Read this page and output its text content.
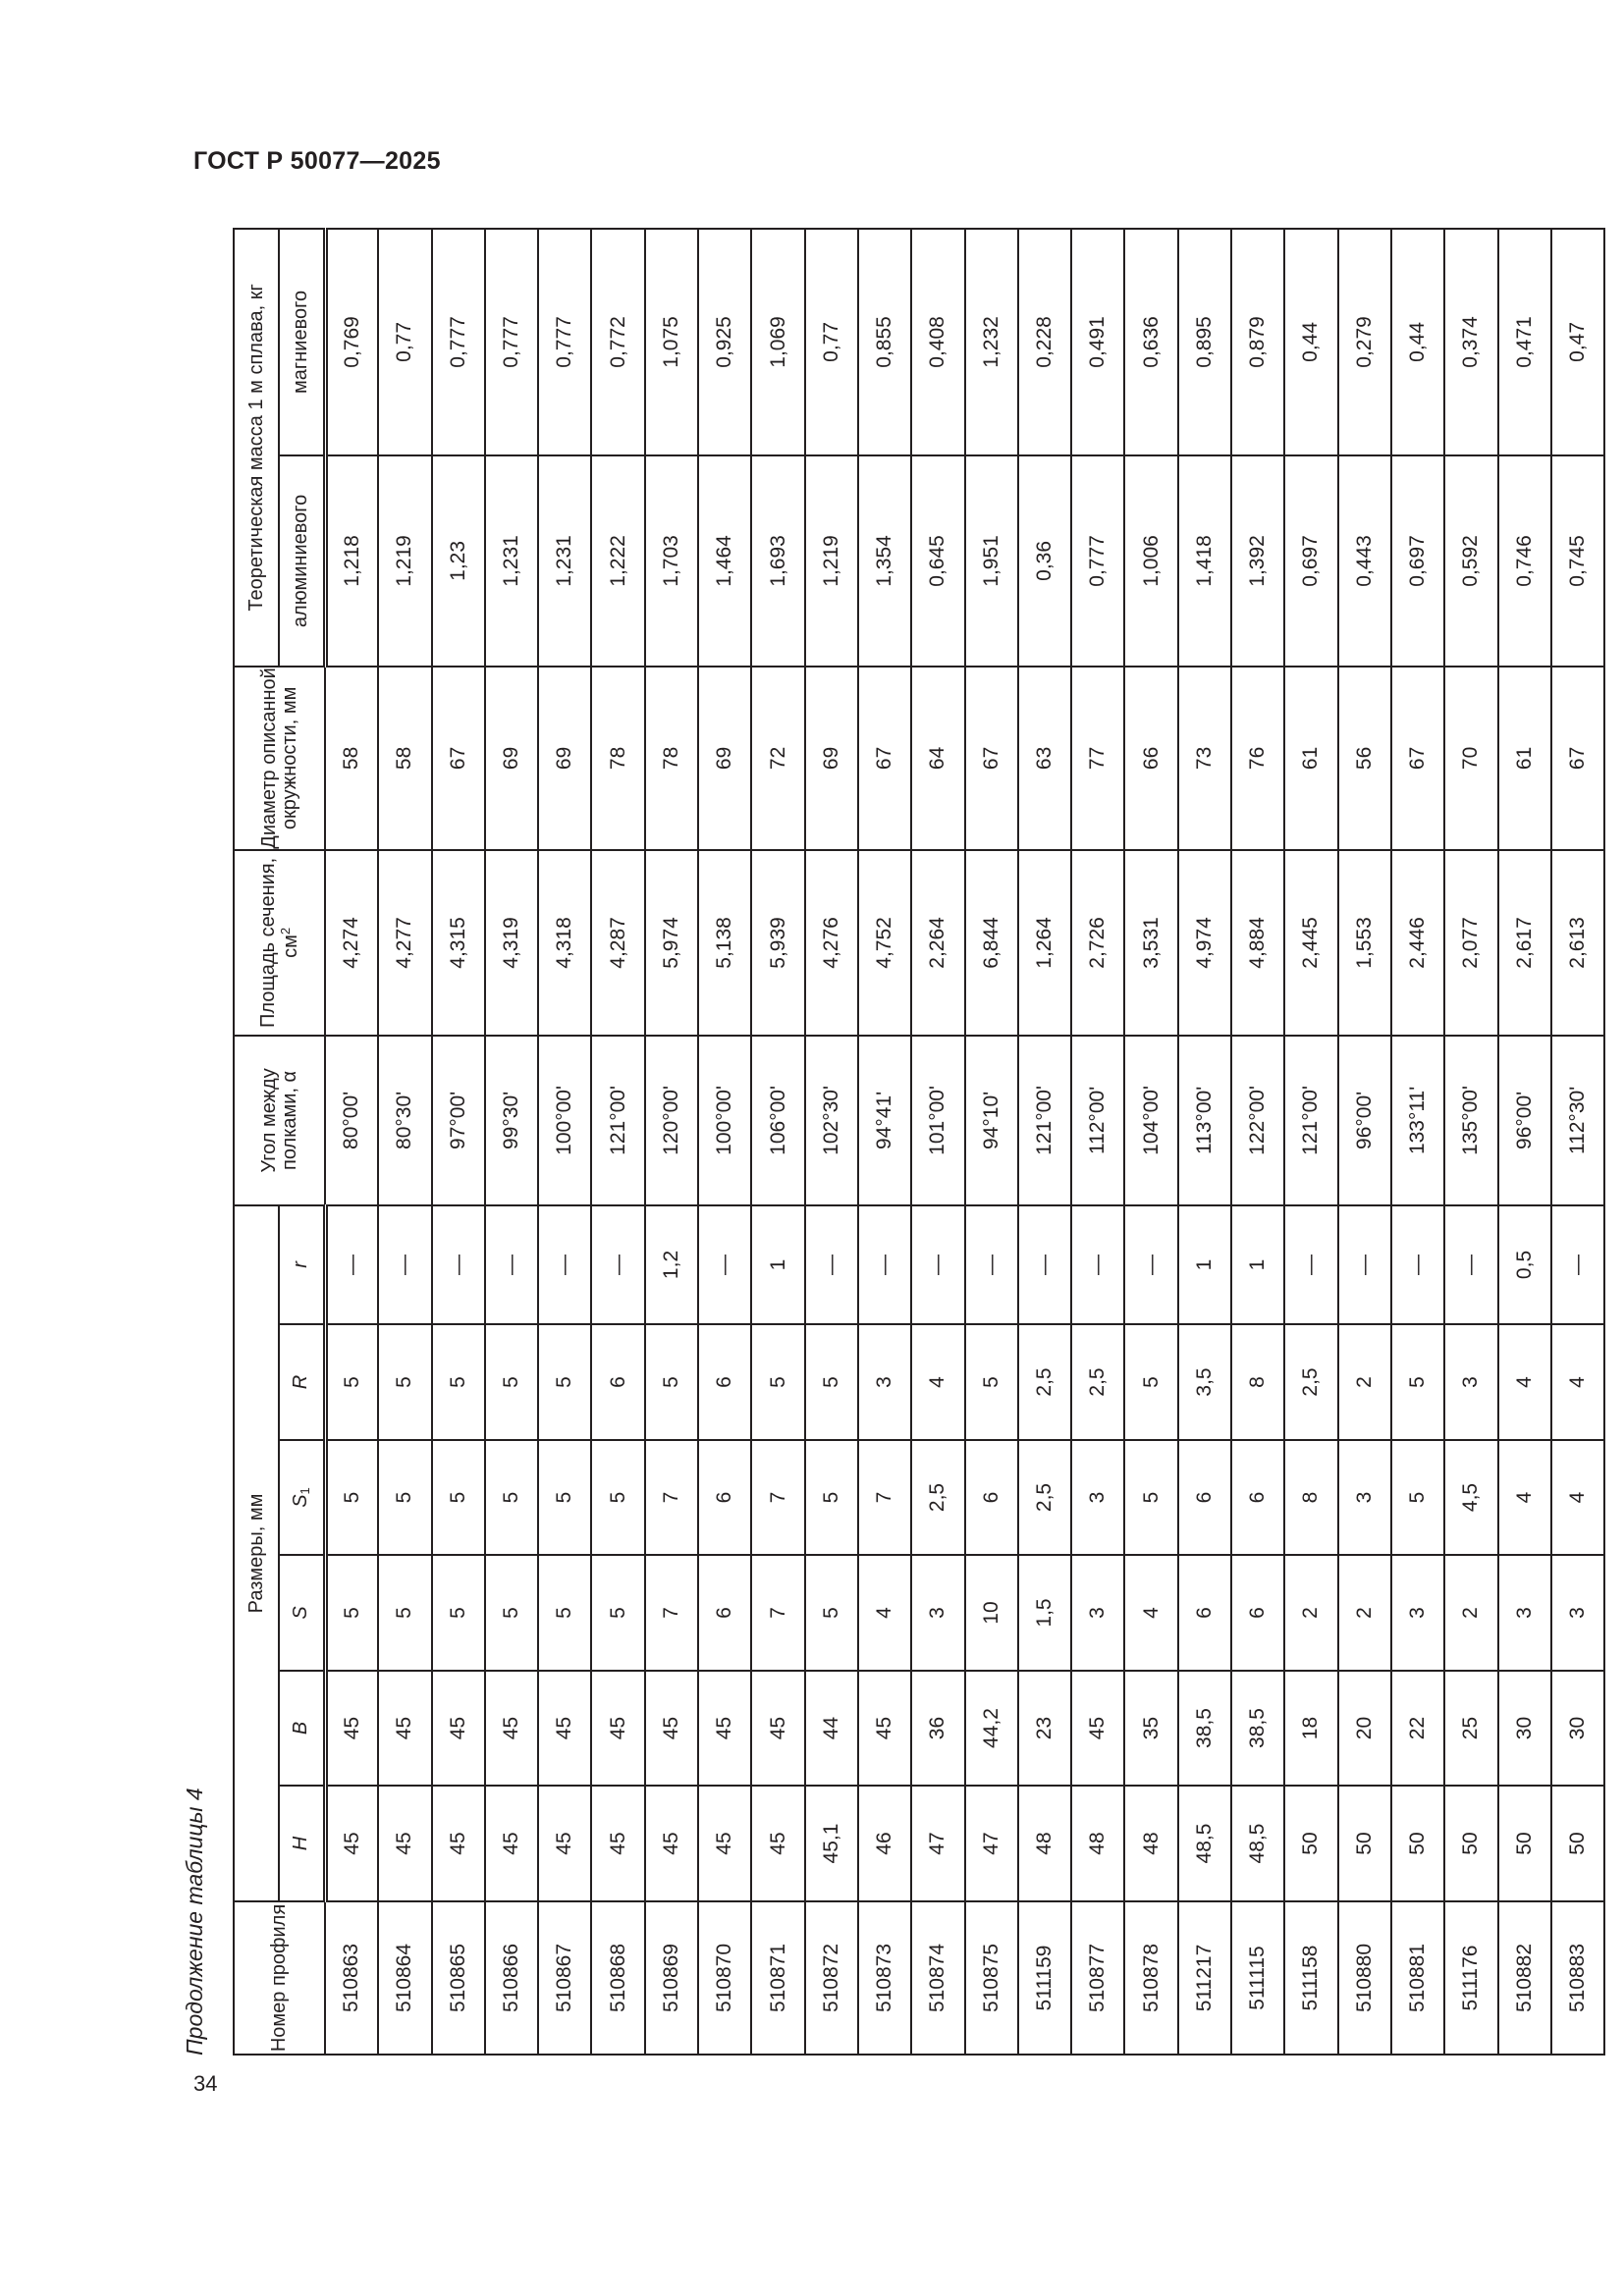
ГОСТ Р 50077—2025
Продолжение таблицы 4	Номер профиля	Размеры, мм						Угол между полками, α	Площадь сечения, $см^2$	Диаметр описанной окружности, мм	Теоретическая масса 1 м сплава, кг	
	H	B	S	$S_1$	R	r				алюминиевого	магниевого
510863	45	45	5	5	5	—	80°00'	4,274	58	1,218	0,769
510864	45	45	5	5	5	—	80°30'	4,277	58	1,219	0,77
510865	45	45	5	5	5	—	97°00'	4,315	67	1,23	0,777
510866	45	45	5	5	5	—	99°30'	4,319	69	1,231	0,777
510867	45	45	5	5	5	—	100°00'	4,318	69	1,231	0,777
510868	45	45	5	5	6	—	121°00'	4,287	78	1,222	0,772
510869	45	45	7	7	5	1,2	120°00'	5,974	78	1,703	1,075
510870	45	45	6	6	6	—	100°00'	5,138	69	1,464	0,925
510871	45	45	7	7	5	1	106°00'	5,939	72	1,693	1,069
510872	45,1	44	5	5	5	—	102°30'	4,276	69	1,219	0,77
510873	46	45	4	7	3	—	94°41'	4,752	67	1,354	0,855
510874	47	36	3	2,5	4	—	101°00'	2,264	64	0,645	0,408
510875	47	44,2	10	6	5	—	94°10'	6,844	67	1,951	1,232
511159	48	23	1,5	2,5	2,5	—	121°00'	1,264	63	0,36	0,228
510877	48	45	3	3	2,5	—	112°00'	2,726	77	0,777	0,491
510878	48	35	4	5	5	—	104°00'	3,531	66	1,006	0,636
511217	48,5	38,5	6	6	3,5	1	113°00'	4,974	73	1,418	0,895
511115	48,5	38,5	6	6	8	1	122°00'	4,884	76	1,392	0,879
511158	50	18	2	8	2,5	—	121°00'	2,445	61	0,697	0,44
510880	50	20	2	3	2	—	96°00'	1,553	56	0,443	0,279
510881	50	22	3	5	5	—	133°11'	2,446	67	0,697	0,44
511176	50	25	2	4,5	3	—	135°00'	2,077	70	0,592	0,374
510882	50	30	3	4	4	0,5	96°00'	2,617	61	0,746	0,471
510883	50	30	3	4	4	—	112°30'	2,613	67	0,745	0,47
34
